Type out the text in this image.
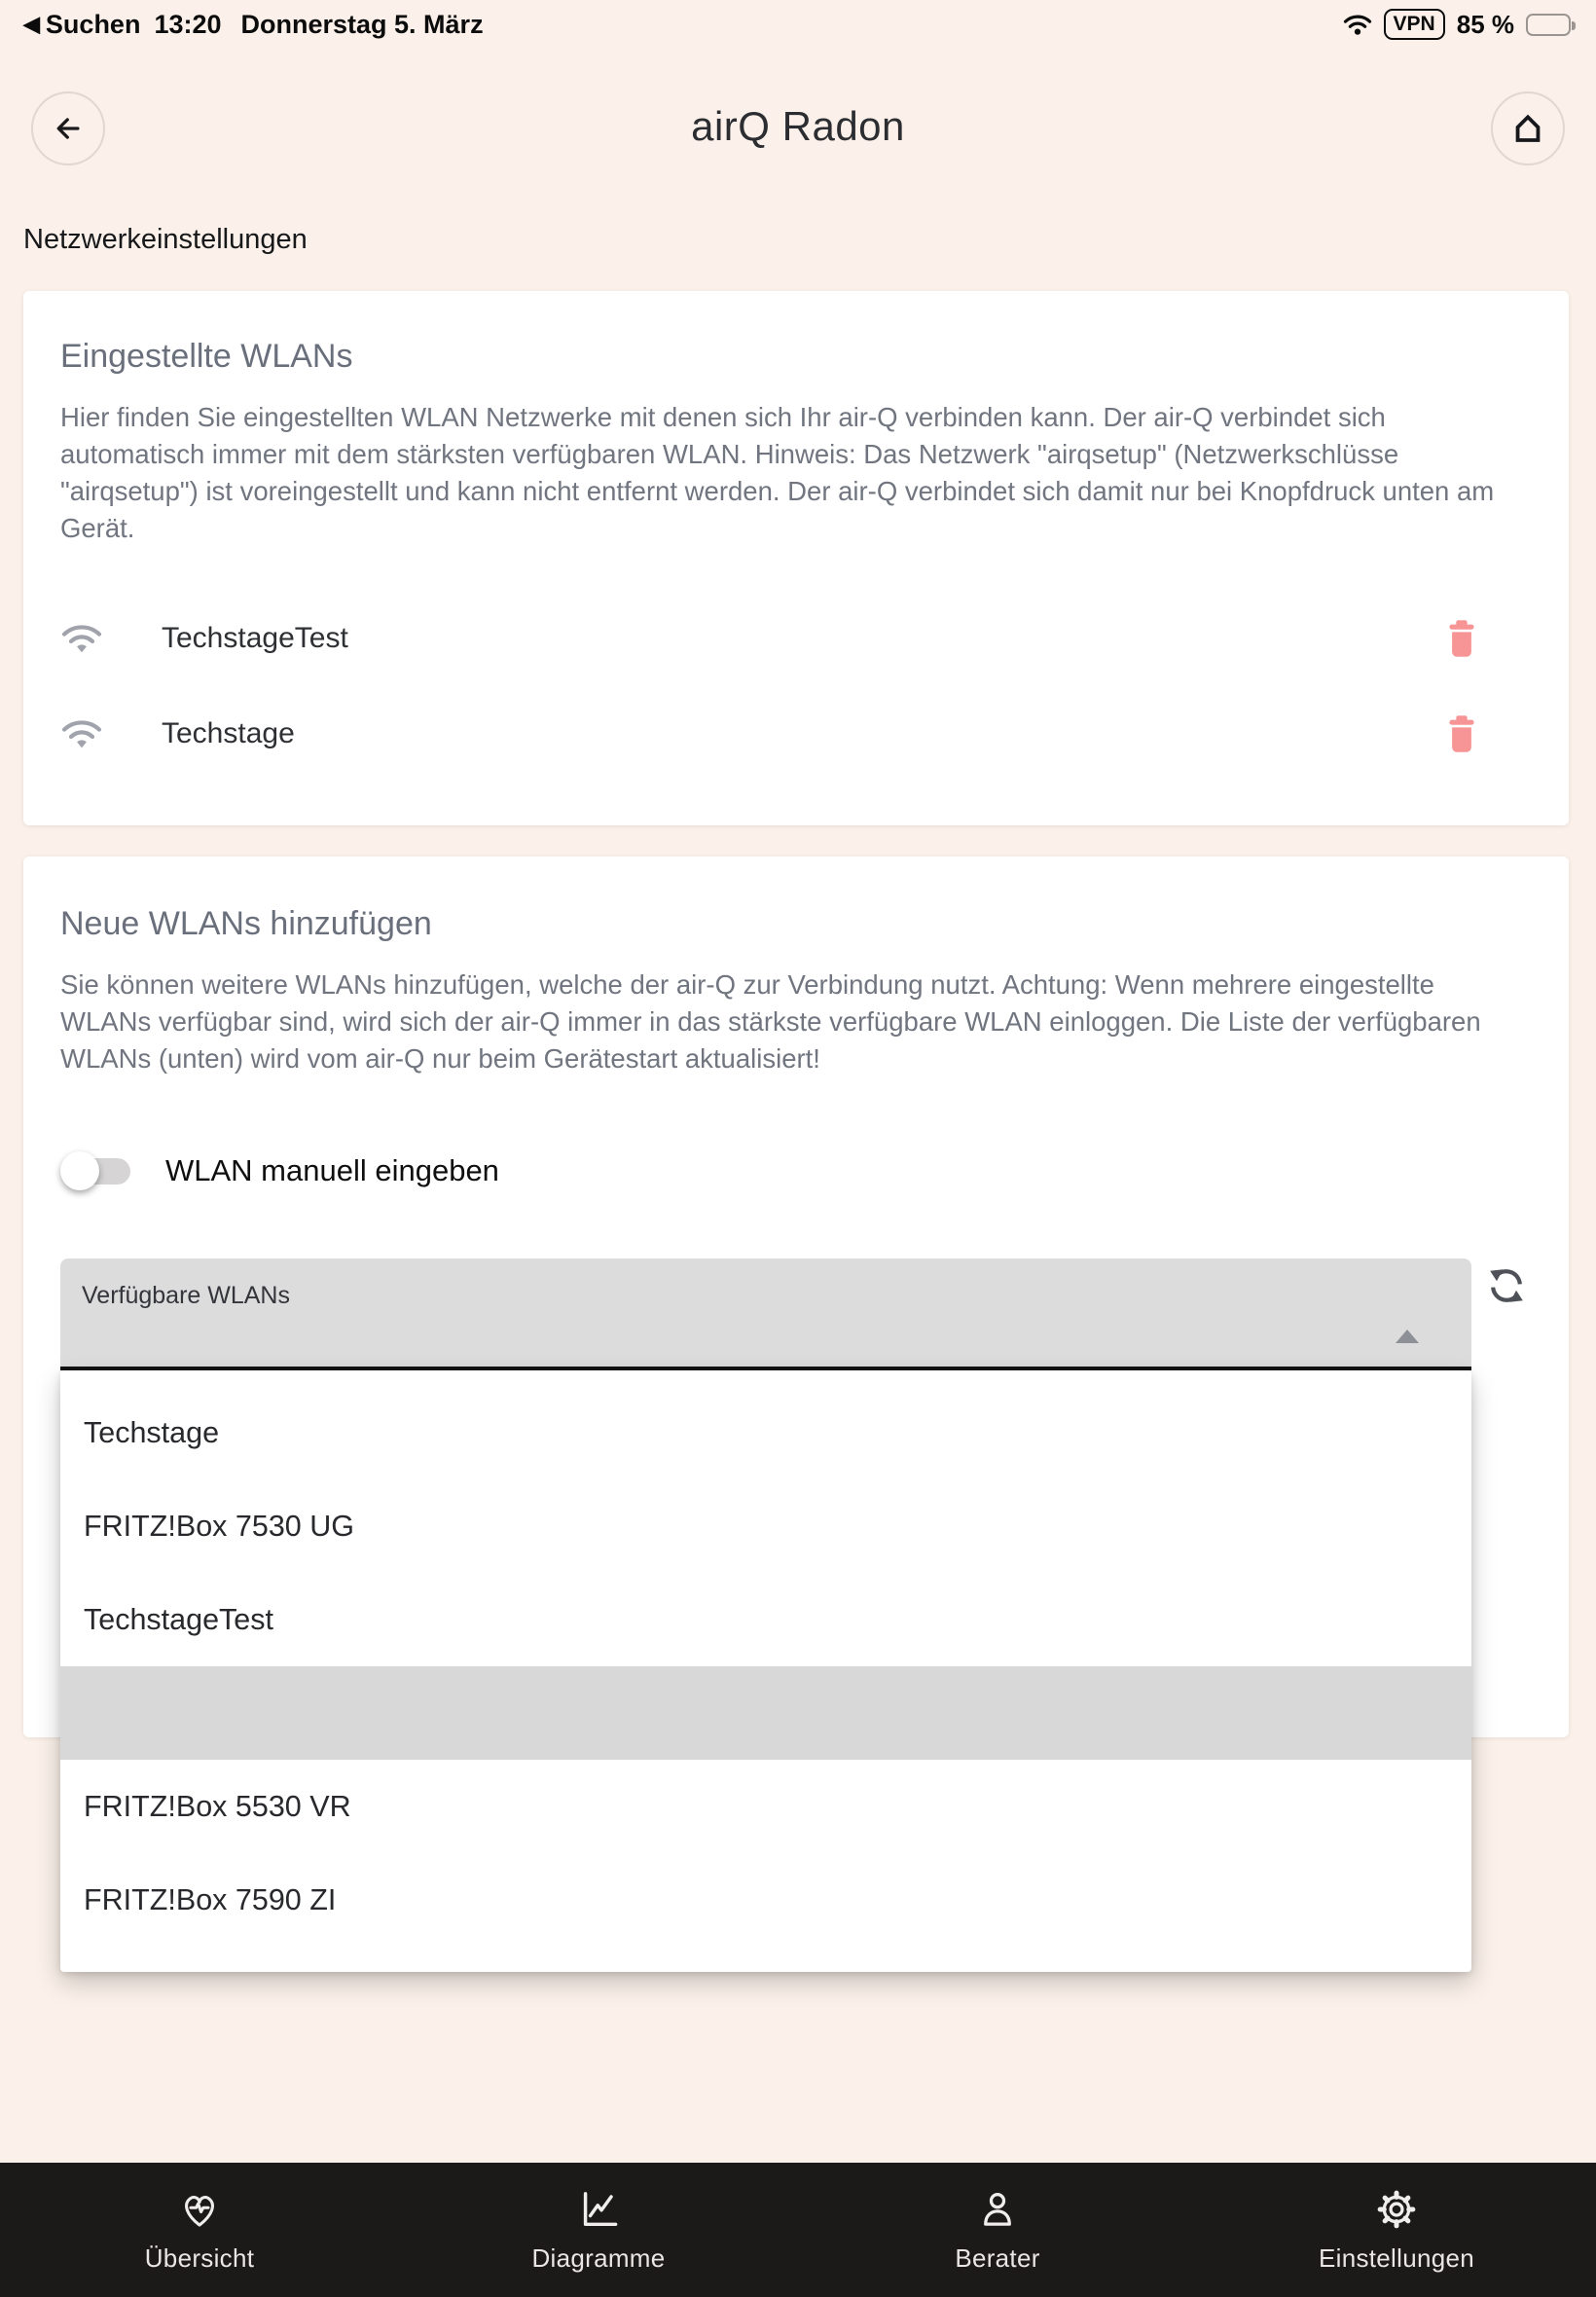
◀ Suchen 13:20 Donnerstag 5. März	VPN 85 %
airQ Radon
Netzwerkeinstellungen
Eingestellte WLANs
Hier finden Sie eingestellten WLAN Netzwerke mit denen sich Ihr air-Q verbinden kann. Der air-Q verbindet sich automatisch immer mit dem stärksten verfügbaren WLAN. Hinweis: Das Netzwerk "airqsetup" (Netzwerkschlüsse "airqsetup") ist voreingestellt und kann nicht entfernt werden. Der air-Q verbindet sich damit nur bei Knopfdruck unten am Gerät.
TechstageTest
Techstage
Neue WLANs hinzufügen
Sie können weitere WLANs hinzufügen, welche der air-Q zur Verbindung nutzt. Achtung: Wenn mehrere eingestellte WLANs verfügbar sind, wird sich der air-Q immer in das stärkste verfügbare WLAN einloggen. Die Liste der verfügbaren WLANs (unten) wird vom air-Q nur beim Gerätestart aktualisiert!
WLAN manuell eingeben
Verfügbare WLANs
Techstage
FRITZ!Box 7530 UG
TechstageTest
FRITZ!Box 5530 VR
FRITZ!Box 7590 ZI
Übersicht	Diagramme	Berater	Einstellungen
